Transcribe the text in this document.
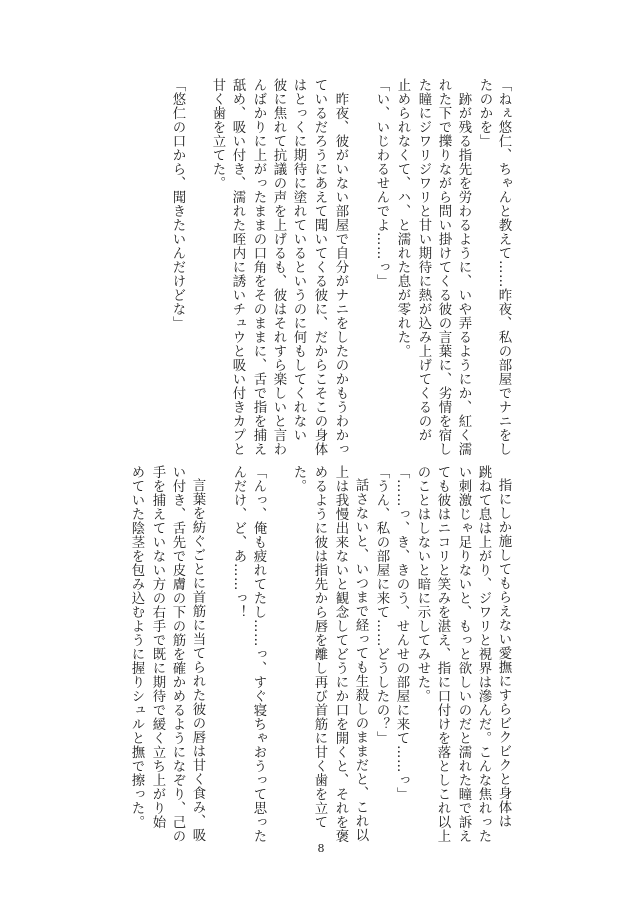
「ねぇ悠仁、ちゃんと教えて……昨夜、私の部屋でナニをし
たのかを」
跡が残る指先を労わるように、いや弄るようにか、紅く濡
れた下で擽りながら問い掛けてくる彼の言葉に、劣情を宿し
た瞳にジワリジワリと甘い期待に熱が込み上げてくるのが
止められなくて、ハ、と濡れた息が零れた。
「い、いじわるせんでよ……っ」
昨夜、彼がいない部屋で自分がナニをしたのかもうわかっ
ているだろうにあえて聞いてくる彼に、だからこそこの身体
はとっくに期待に塗れているというのに何もしてくれない
彼に焦れて抗議の声を上げるも、彼はそれすら楽しいと言わ
んばかりに上がったままの口角をそのままに、舌で指を捕え
舐め、吸い付き、濡れた咥内に誘いチュウと吸い付きカプと
甘く歯を立てた。
「悠仁の口から、聞きたいんだけどな」
指にしか施してもらえない愛撫にすらビクビクと身体は
跳ねて息は上がり、ジワリと視界は滲んだ。こんな焦れった
い刺激じゃ足りないと、もっと欲しいのだと濡れた瞳で訴え
ても彼はニコリと笑みを湛え、指に口付けを落としこれ以上
のことはしないと暗に示してみせた。
「……っ、き、きのう、せんせの部屋に来て……っ」
「うん、私の部屋に来て……どうしたの？」
話さないと、いつまで経っても生殺しのままだと、これ以
上は我慢出来ないと観念してどうにか口を開くと、それを褒
めるように彼は指先から唇を離し再び首筋に甘く歯を立て
た。
「んっ、俺も疲れてたし……っ、すぐ寝ちゃおうって思った
んだけ、ど、あ……っ！
言葉を紡ぐごとに首筋に当てられた彼の唇は甘く食み、吸
い付き、舌先で皮膚の下の筋を確かめるようになぞり、己の
手を捕えていない方の右手で既に期待で緩く立ち上がり始
めていた陰茎を包み込むように握りシュルと撫で擦った。
8
